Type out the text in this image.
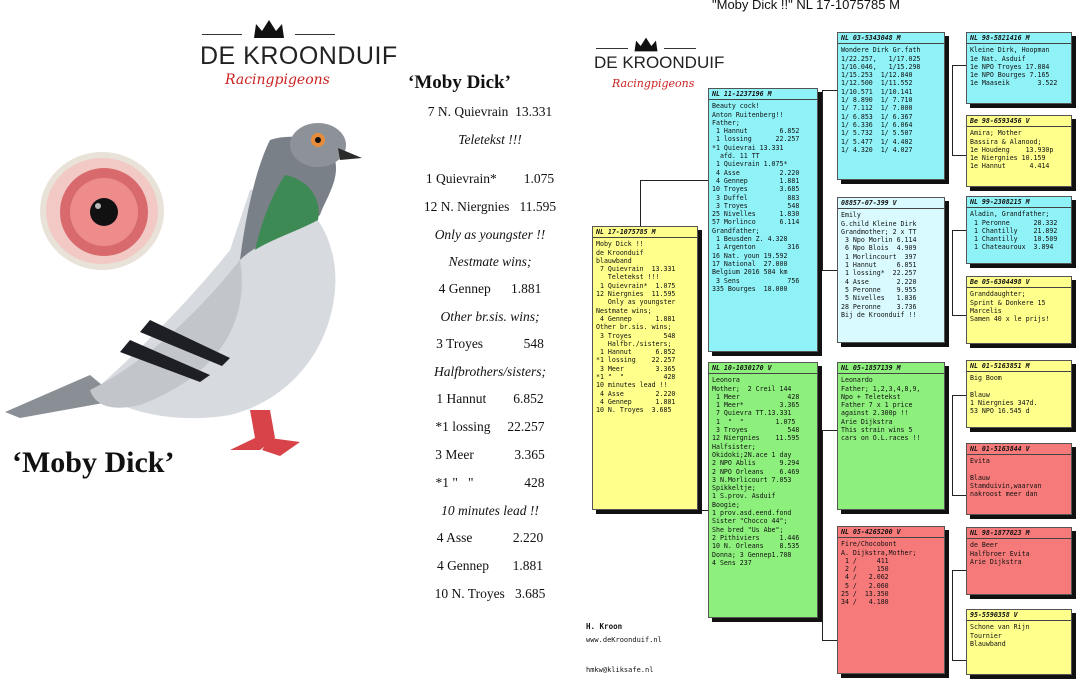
DE KROONDUIF
Racingpigeons
‘Moby Dick’
‘Moby Dick’
7 N. Quievrain  13.331
Teletekst !!!
1 Quievrain*        1.075
12 N. Niergnies   11.595
Only as youngster !!
Nestmate wins;
4 Gennep      1.881
Other br.sis. wins;
3 Troyes            548
Halfbrothers/sisters;
1 Hannut        6.852
*1 lossing     22.257
3 Meer            3.365
*1 "   "               428
10 minutes lead !!
4 Asse            2.220
4 Gennep       1.881
10 N. Troyes   3.685
"Moby Dick !!" NL 17-1075785 M
DE KROONDUIF
Racingpigeons
NL 17-1075785 M
Moby Dick !!
de Kroonduif
blauwband
7 Quievrain  13.331
Teletekst !!!
1 Quievrain*  1.075
12 Niergnies  11.595
Only as youngster
Nestmate wins;
4 Gennep      1.881
Other br.sis. wins;
3 Troyes        548
Halfbr./sisters;
1 Hannut      6.852
*1 lossing    22.257
3 Meer        3.365
*1 "  "          428
10 minutes lead !!
4 Asse        2.220
4 Gennep      1.881
10 N. Troyes  3.685
NL 11-1237196 M
Beauty cock!
Anton Ruitenberg!!
Father;
1 Hannut        6.852
1 lossing      22.257
*1 Quievrai 13.331
afd. 11 TT
1 Quievrain 1.075*
4 Asse          2.220
4 Gennep        1.881
10 Troyes        3.685
3 Duffel          883
3 Troyes          548
25 Nivelles      1.830
57 Morlinco      6.114
Grandfather;
1 Beusden Z. 4.328
1 Argenton        316
16 Nat. youn 19.592
17 National  27.000
Belgium 2016 584 km
3 Sens            756
335 Bourges  18.000
NL 10-1030170 V
Leonora
Mother;  2 Creil 144
1 Meer            428
1 Meer*         3.365
7 Quievra TT.13.331
1  "  "        1.075
3 Troyes          548
12 Niergnies    11.595
Halfsister;
Okidoki;2N.ace 1 day
2 NPO Ablis      9.294
2 NPO Orleans    6.469
3 N.Morlicourt 7.053
Spikkeltje;
1 S.prov. Asduif
Boogie;
1 prov.asd.eend.fond
Sister "Chocco 44";
She bred "Us Abe";
2 Pithiviers     1.446
10 N. Orleans    8.535
Donna; 3 Gennep1.708
4 Sens 237
NL 03-5343048 M
Wondere Dirk Gr.fath
1/22.257,   1/17.025
1/16.046,   1/15.298
1/15.253  1/12.840
1/12.500  1/11.552
1/10.571  1/10.141
1/ 8.890  1/ 7.710
1/ 7.112  1/ 7.000
1/ 6.853  1/ 6.367
1/ 6.336  1/ 6.064
1/ 5.732  1/ 5.507
1/ 5.477  1/ 4.402
1/ 4.320  1/ 4.027
08857-07-399 V
Emily
G.child Kleine Dirk
Grandmother; 2 x TT
3 Npo Morlin 6.114
6 Npo Blois  4.909
1 Morlincourt  397
1 Hannut     6.851
1 lossing*  22.257
4 Asse       2.220
5 Peronne    9.955
5 Nivelles   1.836
28 Peronne    3.736
Bij de Kroonduif !!
NL 05-1857139 M
Leonardo
Father; 1,2,3,4,8,9,
Npo + Teletekst
Father 7 x 1 price
against 2.300p !!
Arie Dijkstra
This strain wins 5
cars on O.L.races !!
NL 05-4265200 V
Fire/Chocobont
A. Dijkstra,Mother;
1 /     411
2 /     150
4 /   2.062
5 /   2.060
25 /  13.350
34 /   4.180
NL 98-5821416 M
Kleine Dirk, Hoopman
1e Nat. Asduif
1e NPO Troyes 17.884
1e NPO Bourges 7.165
1e Maaseik       3.522
Be 98-6593456 V
Amira; Mother
Bassira & Alanood;
1e Houdeng    13.930p
1e Niergnies 10.159
1e Hannut      4.414
NL 99-2308215 M
Aladin, Grandfather;
1 Peronne      28.332
1 Chantilly    21.892
1 Chantilly    10.509
1 Chateauroux  3.894
Be 05-6304498 V
Granddaughter;
Sprint & Donkere 15
Marcelis
Samen 40 x le prijs!
NL 01-5163851 M
Big Boom

Blauw
1 Niergnies 347d.
53 NPO 16.545 d
NL 01-5163844 V
Evita

Blauw
Stamduivin,waarvan
nakroost meer dan
NL 98-1877023 M
de Beer
Halfbroer Evita
Arie Dijkstra
95-5590358 V
Schone van Rijn
Tournier
Blauwband
H. Kroon
www.deKroonduif.nl
hmkw@kliksafe.nl
